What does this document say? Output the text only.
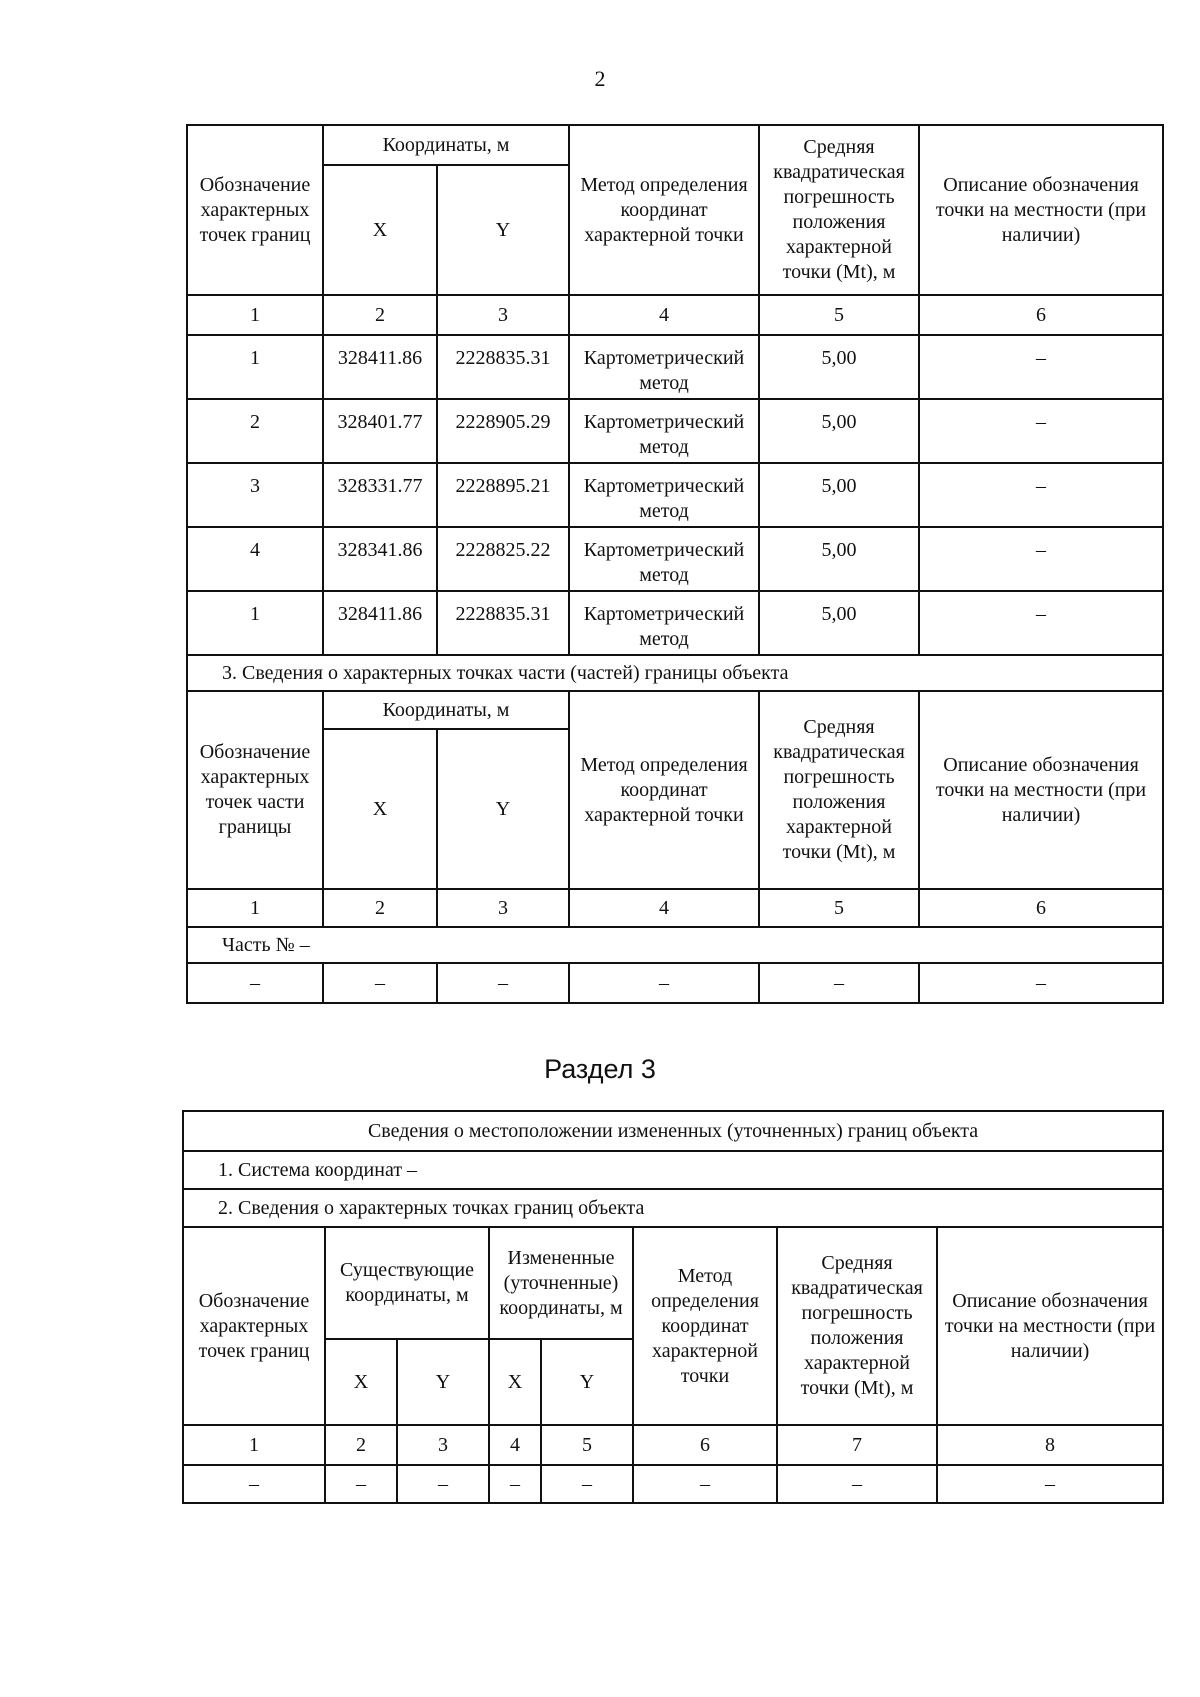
2
Обозначение характерных точек границ	Координаты, м		Метод определения координат характерной точки	Средняя квадратическая погрешность положения характерной точки (Mt), м	Описание обозначения точки на местности (при наличии)
	X	Y			
1	2	3	4	5	6
1	328411.86	2228835.31	Картометрический метод	5,00	–
2	328401.77	2228905.29	Картометрический метод	5,00	–
3	328331.77	2228895.21	Картометрический метод	5,00	–
4	328341.86	2228825.22	Картометрический метод	5,00	–
1	328411.86	2228835.31	Картометрический метод	5,00	–
3. Сведения о характерных точках части (частей) границы объекта					
Обозначение характерных точек части границы	Координаты, м		Метод определения координат характерной точки	Средняя квадратическая погрешность положения характерной точки (Mt), м	Описание обозначения точки на местности (при наличии)
	X	Y			
1	2	3	4	5	6
Часть № –					
–	–	–	–	–	–
Раздел 3
Сведения о местоположении измененных (уточненных) границ объекта							
1. Система координат –							
2. Сведения о характерных точках границ объекта							
Обозначение характерных точек границ	Существующие координаты, м		Измененные (уточненные) координаты, м		Метод определения координат характерной точки	Средняя квадратическая погрешность положения характерной точки (Mt), м	Описание обозначения точки на местности (при наличии)
	X	Y	X	Y			
1	2	3	4	5	6	7	8
–	–	–	–	–	–	–	–
